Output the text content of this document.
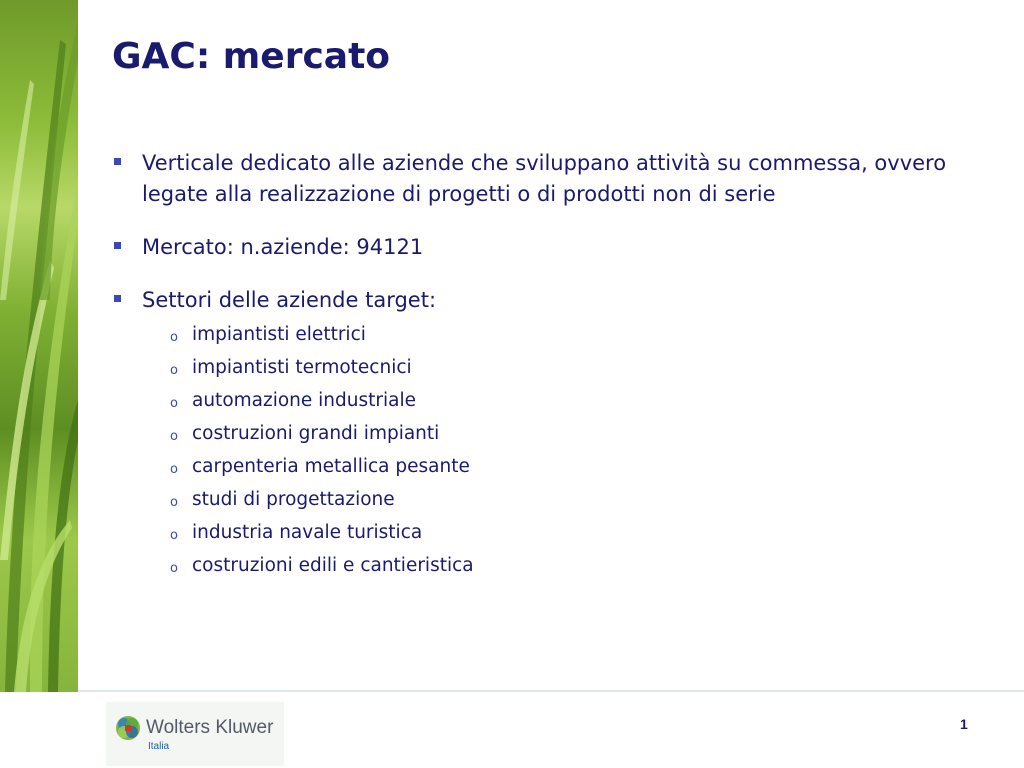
GAC: mercato

Verticale dedicato alle aziende che sviluppano attività su commessa, ovvero legate alla realizzazione di progetti o di prodotti non di serie

Mercato: n.aziende: 94121

Settori delle aziende target:

o impiantisti elettrici
o impiantisti termotecnici
o automazione industriale
o costruzioni grandi impianti
o carpenteria metallica pesante
o studi di progettazione
o industria navale turistica
o costruzioni edili e cantieristica
Wolters Kluwer
Italia
1
